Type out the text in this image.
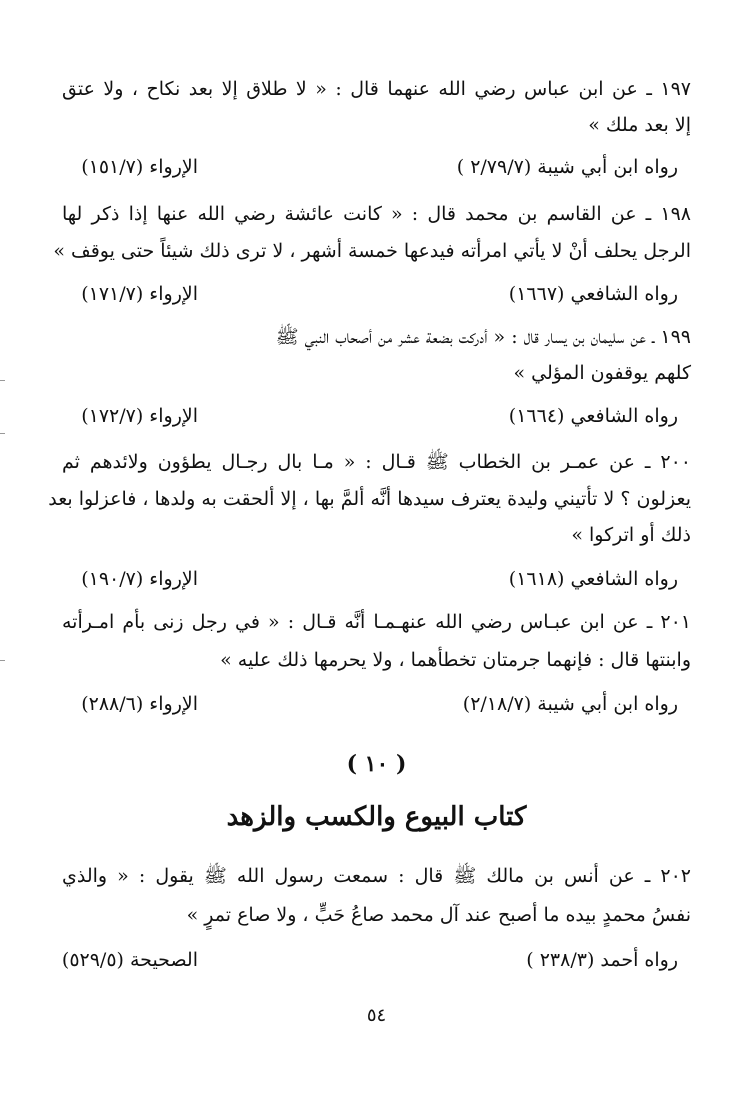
١٩٧ ـ عن ابن عباس رضي الله عنهما قال : « لا طلاق إلا بعد نكاح ، ولا عتق
إلا بعد ملك »
رواه ابن أبي شيبة (٢/٧٩/٧ )
الإرواء (١٥١/٧)
١٩٨ ـ عن القاسم بن محمد قال : « كانت عائشة رضي الله عنها إذا ذكر لها
الرجل يحلف أنْ لا يأتي امرأته فيدعها خمسة أشهر ، لا ترى ذلك شيئاً حتى يوقف »
رواه الشافعي (١٦٦٧)
الإرواء (١٧١/٧)
١٩٩ ـ عن سليمان بن يسار قال : « أدركت بضعة عشر من أصحاب النبي ﷺ
كلهم يوقفون المؤلي »
رواه الشافعي (١٦٦٤)
الإرواء (١٧٢/٧)
٢٠٠ ـ عن عمـر بن الخطاب ﷺ قـال : « مـا بال رجـال يطؤون ولائدهم ثم
يعزلون ؟ لا تأتيني وليدة يعترف سيدها أنَّه ألمَّ بها ، إلا ألحقت به ولدها ، فاعزلوا بعد
ذلك أو اتركوا »
رواه الشافعي (١٦١٨)
الإرواء (١٩٠/٧)
٢٠١ ـ عن ابن عبـاس رضي الله عنهـمـا أنَّه قـال : « في رجل زنى بأم امـرأته
وابنتها قال : فإنهما جرمتان تخطأهما ، ولا يحرمها ذلك عليه »
رواه ابن أبي شيبة (٢/١٨/٧)
الإرواء (٢٨٨/٦)
( ١٠ )
كتاب البيوع والكسب والزهد
٢٠٢ ـ عن أنس بن مالك ﷺ قال : سمعت رسول الله ﷺ يقول : « والذي
نفسُ محمدٍ بيده ما أصبح عند آل محمد صاعُ حَبٍّ ، ولا صاع تمرٍ »
رواه أحمد (٢٣٨/٣ )
الصحيحة (٥٢٩/٥)
٥٤
